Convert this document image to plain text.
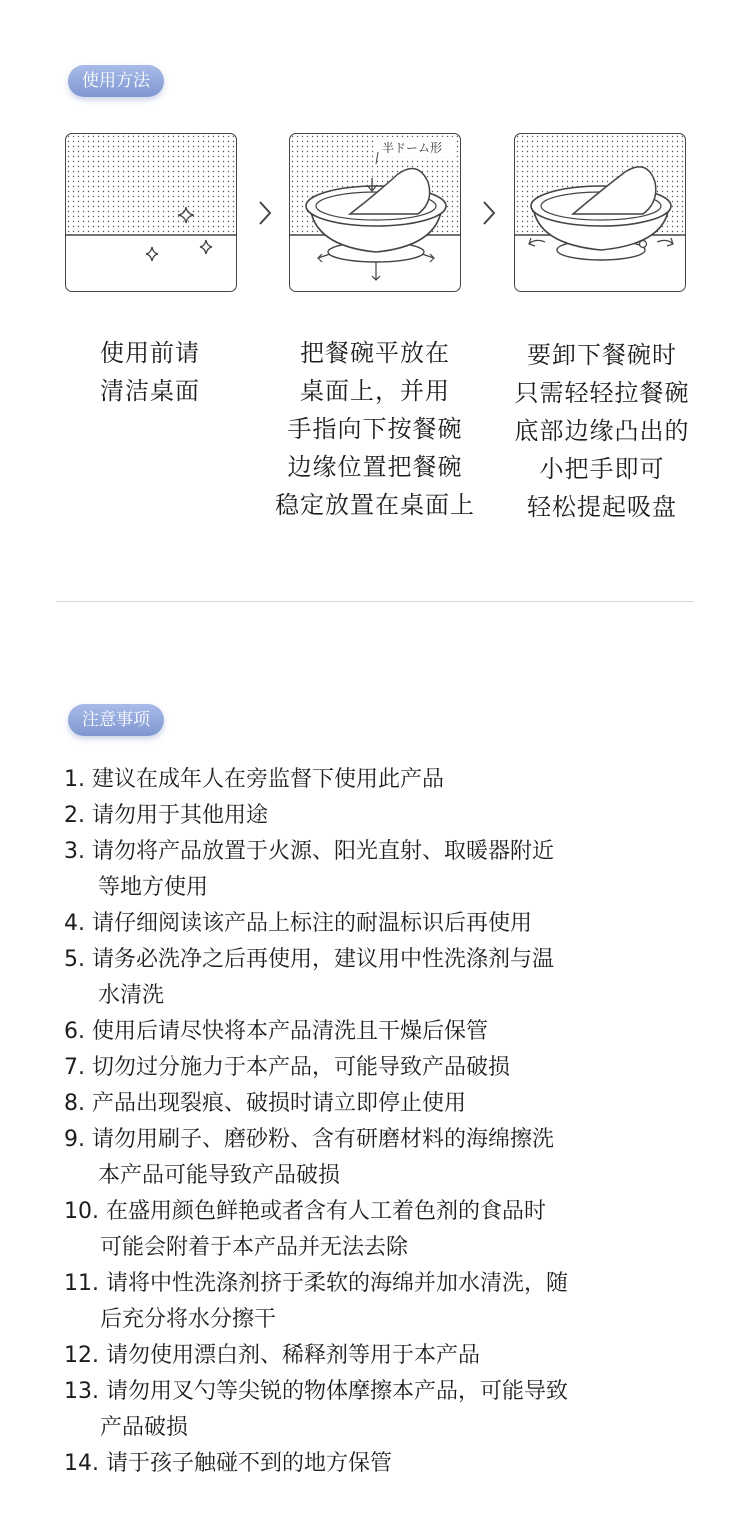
使用方法
半ドーム形
使用前请
清洁桌面
把餐碗平放在
桌面上，并用
手指向下按餐碗
边缘位置把餐碗
稳定放置在桌面上
要卸下餐碗时
只需轻轻拉餐碗
底部边缘凸出的
小把手即可
轻松提起吸盘
注意事项
1. 建议在成年人在旁监督下使用此产品
2. 请勿用于其他用途
3. 请勿将产品放置于火源、阳光直射、取暖器附近
等地方使用
4. 请仔细阅读该产品上标注的耐温标识后再使用
5. 请务必洗净之后再使用，建议用中性洗涤剂与温
水清洗
6. 使用后请尽快将本产品清洗且干燥后保管
7. 切勿过分施力于本产品，可能导致产品破损
8. 产品出现裂痕、破损时请立即停止使用
9. 请勿用刷子、磨砂粉、含有研磨材料的海绵擦洗
本产品可能导致产品破损
10. 在盛用颜色鲜艳或者含有人工着色剂的食品时
可能会附着于本产品并无法去除
11. 请将中性洗涤剂挤于柔软的海绵并加水清洗，随
后充分将水分擦干
12. 请勿使用漂白剂、稀释剂等用于本产品
13. 请勿用叉勺等尖锐的物体摩擦本产品，可能导致
产品破损
14. 请于孩子触碰不到的地方保管
